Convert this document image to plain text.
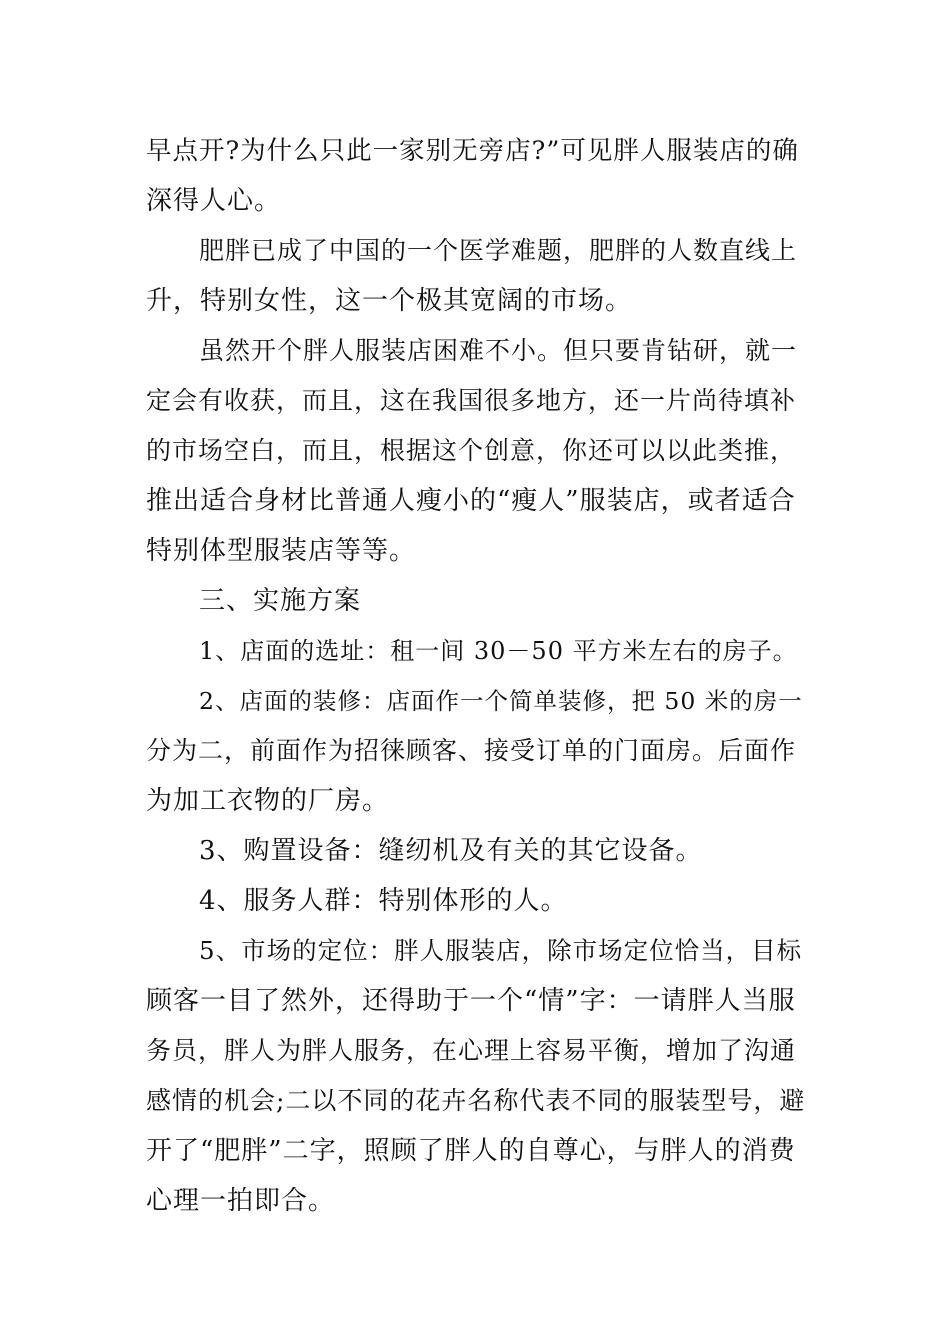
早点开?为什么只此一家别无旁店?”可见胖人服装店的确
深得人心。
肥胖已成了中国的一个医学难题，肥胖的人数直线上
升，特别女性，这一个极其宽阔的市场。
虽然开个胖人服装店困难不小。但只要肯钻研，就一
定会有收获，而且，这在我国很多地方，还一片尚待填补
的市场空白，而且，根据这个创意，你还可以以此类推，
推出适合身材比普通人瘦小的“瘦人”服装店，或者适合
特别体型服装店等等。
三、实施方案
1、店面的选址：租一间 30－50 平方米左右的房子。
2、店面的装修：店面作一个简单装修，把 50 米的房一
分为二，前面作为招徕顾客、接受订单的门面房。后面作
为加工衣物的厂房。
3、购置设备：缝纫机及有关的其它设备。
4、服务人群：特别体形的人。
5、市场的定位：胖人服装店，除市场定位恰当，目标
顾客一目了然外，还得助于一个“情”字：一请胖人当服
务员，胖人为胖人服务，在心理上容易平衡，增加了沟通
感情的机会;二以不同的花卉名称代表不同的服装型号，避
开了“肥胖”二字，照顾了胖人的自尊心，与胖人的消费
心理一拍即合。
